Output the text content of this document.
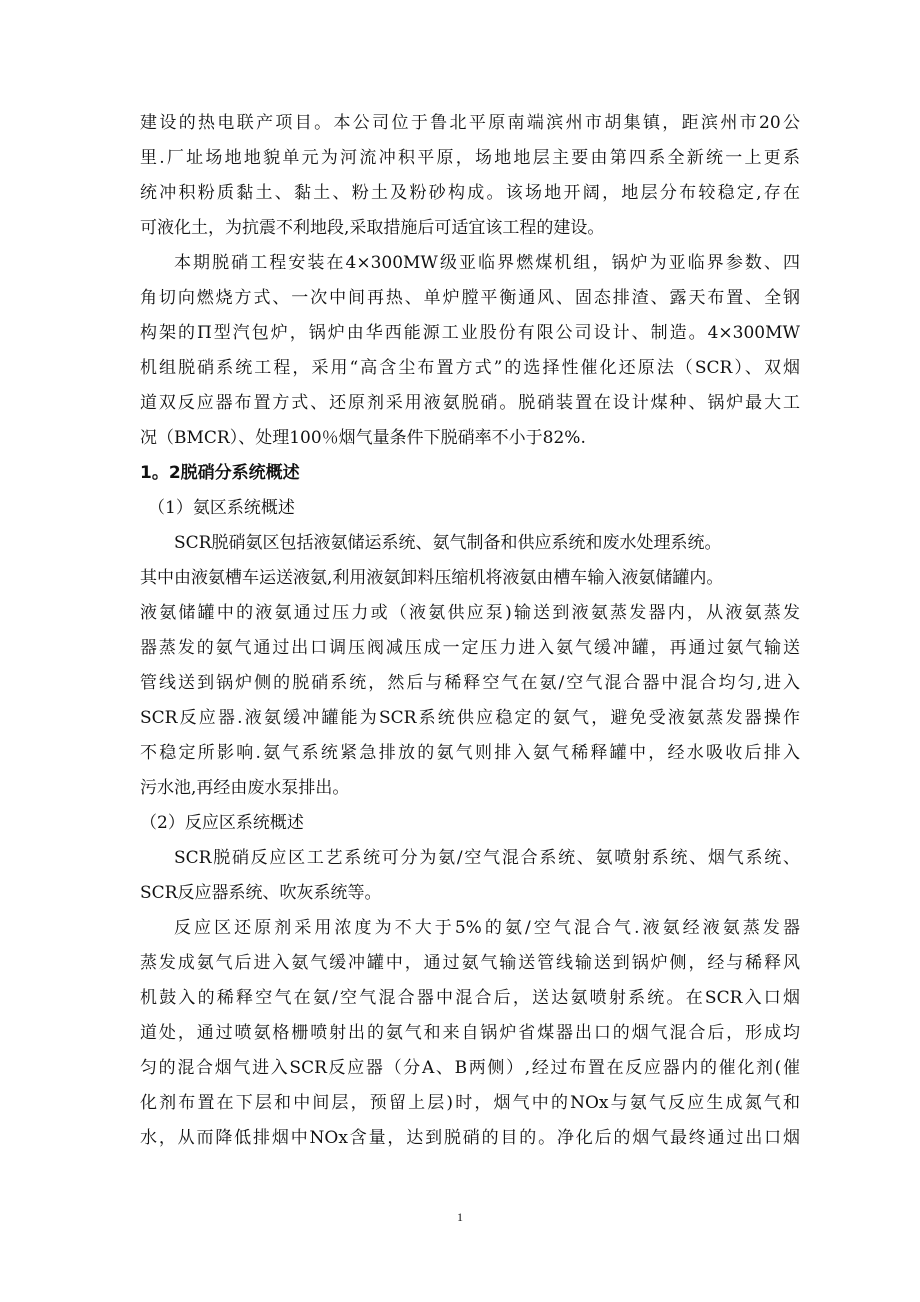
建设的热电联产项目。本公司位于鲁北平原南端滨州市胡集镇，距滨州市20公
里.厂址场地地貌单元为河流冲积平原，场地地层主要由第四系全新统一上更系
统冲积粉质黏土、黏土、粉土及粉砂构成。该场地开阔，地层分布较稳定,存在
可液化土，为抗震不利地段,采取措施后可适宜该工程的建设。
本期脱硝工程安装在4×300MW级亚临界燃煤机组，锅炉为亚临界参数、四
角切向燃烧方式、一次中间再热、单炉膛平衡通风、固态排渣、露天布置、全钢
构架的Π型汽包炉，锅炉由华西能源工业股份有限公司设计、制造。4×300MW
机组脱硝系统工程，采用“高含尘布置方式”的选择性催化还原法（SCR）、双烟
道双反应器布置方式、还原剂采用液氨脱硝。脱硝装置在设计煤种、锅炉最大工
况（BMCR）、处理100％烟气量条件下脱硝率不小于82%.
1。2脱硝分系统概述
（1）氨区系统概述
SCR脱硝氨区包括液氨储运系统、氨气制备和供应系统和废水处理系统。
其中由液氨槽车运送液氨,利用液氨卸料压缩机将液氨由槽车输入液氨储罐内。
液氨储罐中的液氨通过压力或（液氨供应泵)输送到液氨蒸发器内，从液氨蒸发
器蒸发的氨气通过出口调压阀减压成一定压力进入氨气缓冲罐，再通过氨气输送
管线送到锅炉侧的脱硝系统，然后与稀释空气在氨/空气混合器中混合均匀,进入
SCR反应器.液氨缓冲罐能为SCR系统供应稳定的氨气，避免受液氨蒸发器操作
不稳定所影响.氨气系统紧急排放的氨气则排入氨气稀释罐中，经水吸收后排入
污水池,再经由废水泵排出。
（2）反应区系统概述
SCR脱硝反应区工艺系统可分为氨/空气混合系统、氨喷射系统、烟气系统、
SCR反应器系统、吹灰系统等。
反应区还原剂采用浓度为不大于5%的氨/空气混合气.液氨经液氨蒸发器
蒸发成氨气后进入氨气缓冲罐中，通过氨气输送管线输送到锅炉侧，经与稀释风
机鼓入的稀释空气在氨/空气混合器中混合后，送达氨喷射系统。在SCR入口烟
道处，通过喷氨格栅喷射出的氨气和来自锅炉省煤器出口的烟气混合后，形成均
匀的混合烟气进入SCR反应器（分A、B两侧）,经过布置在反应器内的催化剂(催
化剂布置在下层和中间层，预留上层)时，烟气中的NOx与氨气反应生成氮气和
水，从而降低排烟中NOx含量，达到脱硝的目的。净化后的烟气最终通过出口烟
1
